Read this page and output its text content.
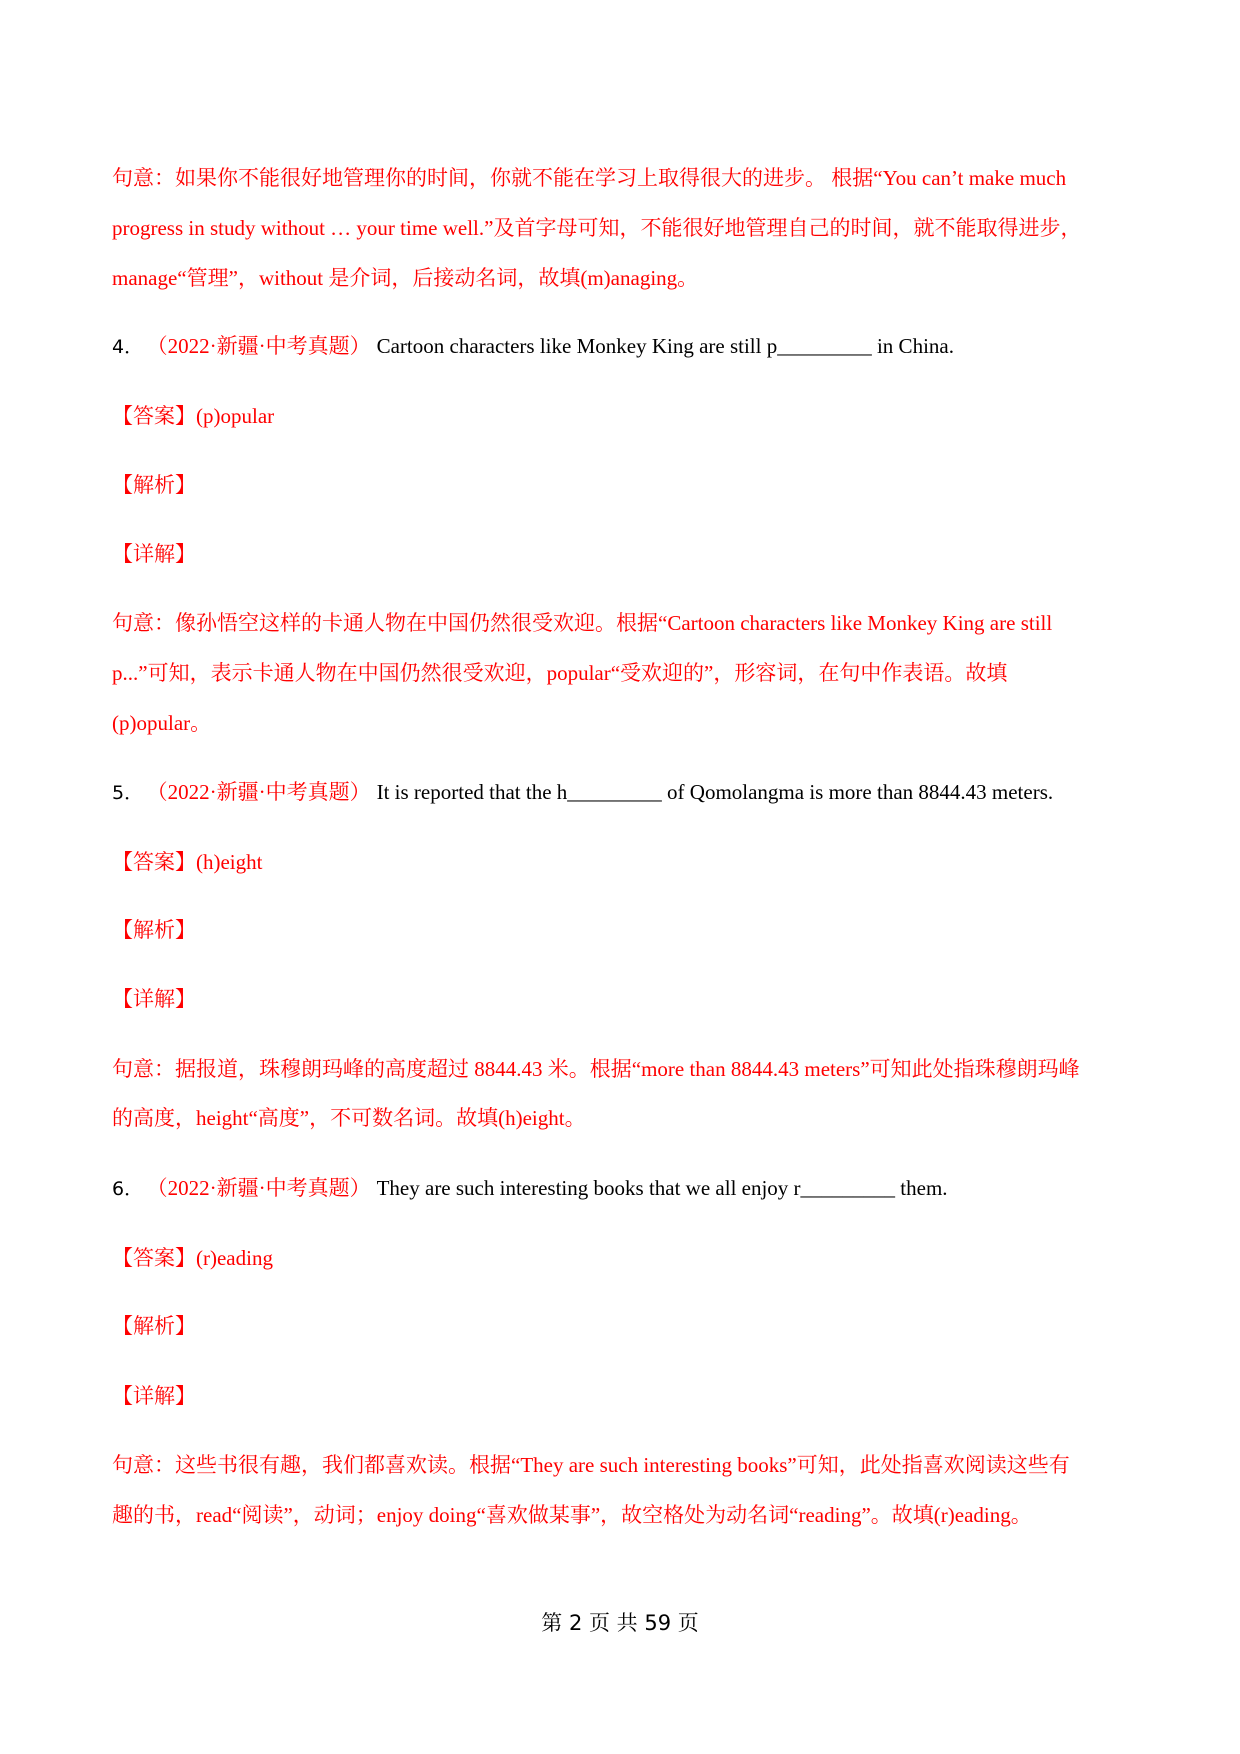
句意：如果你不能很好地管理你的时间，你就不能在学习上取得很大的进步。 根据“You can’t make much
progress in study without … your time well.”及首字母可知，不能很好地管理自己的时间，就不能取得进步，
manage“管理”，without 是介词，后接动名词，故填(m)anaging。
4． （2022·新疆·中考真题） Cartoon characters like Monkey King are still p_________ in China.
【答案】(p)opular
【解析】
【详解】
句意：像孙悟空这样的卡通人物在中国仍然很受欢迎。根据“Cartoon characters like Monkey King are still
p...”可知，表示卡通人物在中国仍然很受欢迎，popular“受欢迎的”，形容词，在句中作表语。故填
(p)opular。
5． （2022·新疆·中考真题） It is reported that the h_________ of Qomolangma is more than 8844.43 meters.
【答案】(h)eight
【解析】
【详解】
句意：据报道，珠穆朗玛峰的高度超过 8844.43 米。根据“more than 8844.43 meters”可知此处指珠穆朗玛峰
的高度，height“高度”，不可数名词。故填(h)eight。
6． （2022·新疆·中考真题） They are such interesting books that we all enjoy r_________ them.
【答案】(r)eading
【解析】
【详解】
句意：这些书很有趣，我们都喜欢读。根据“They are such interesting books”可知，此处指喜欢阅读这些有
趣的书，read“阅读”，动词；enjoy doing“喜欢做某事”，故空格处为动名词“reading”。故填(r)eading。
第 2 页 共 59 页
